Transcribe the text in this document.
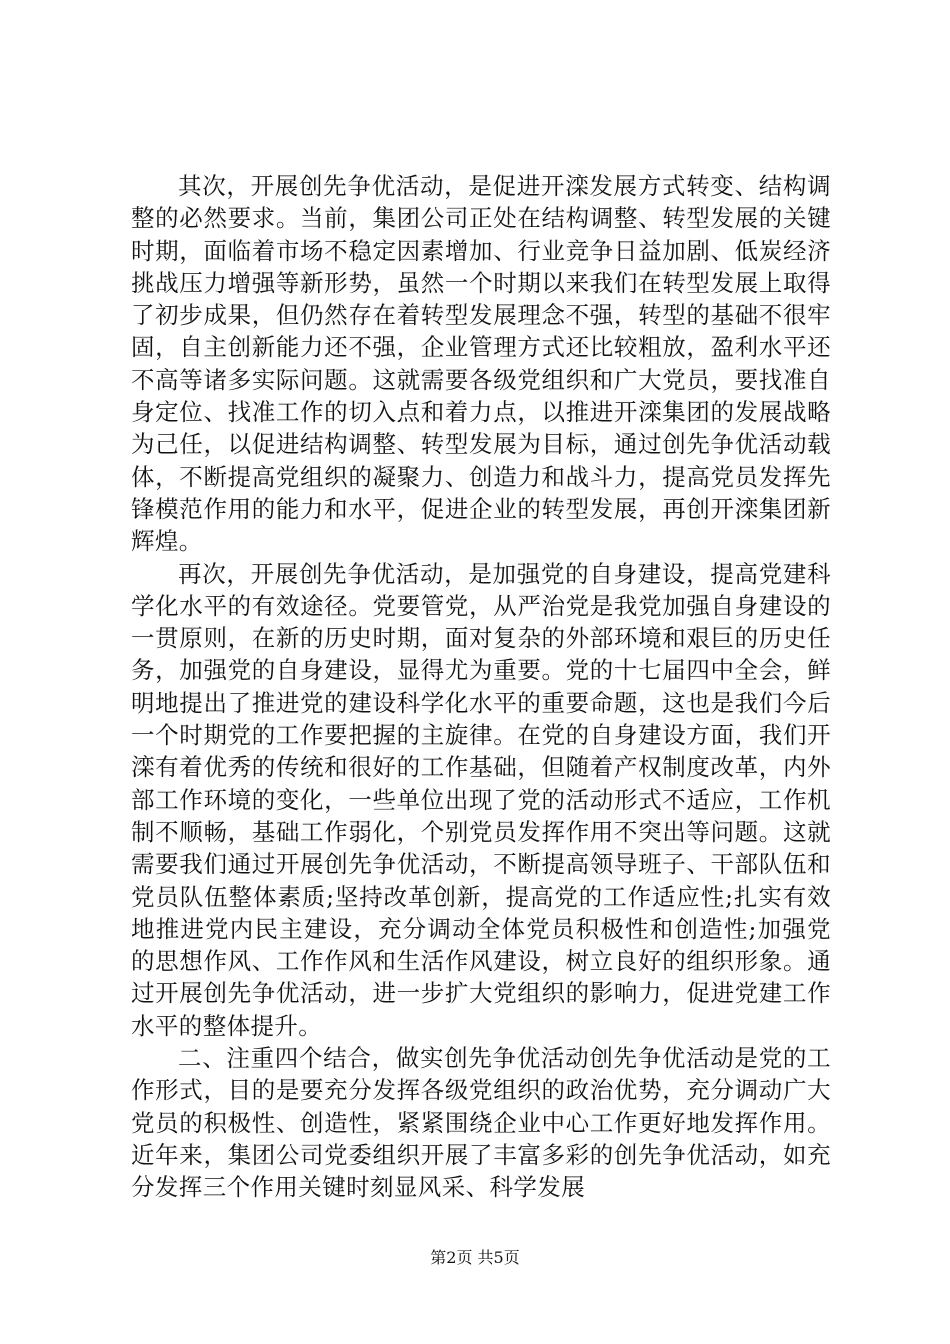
其次，开展创先争优活动，是促进开滦发展方式转变、结构调整的必然要求。当前，集团公司正处在结构调整、转型发展的关键时期，面临着市场不稳定因素增加、行业竞争日益加剧、低炭经济挑战压力增强等新形势，虽然一个时期以来我们在转型发展上取得了初步成果，但仍然存在着转型发展理念不强，转型的基础不很牢固，自主创新能力还不强，企业管理方式还比较粗放，盈利水平还不高等诸多实际问题。这就需要各级党组织和广大党员，要找准自身定位、找准工作的切入点和着力点，以推进开滦集团的发展战略为己任，以促进结构调整、转型发展为目标，通过创先争优活动载体，不断提高党组织的凝聚力、创造力和战斗力，提高党员发挥先锋模范作用的能力和水平，促进企业的转型发展，再创开滦集团新辉煌。

再次，开展创先争优活动，是加强党的自身建设，提高党建科学化水平的有效途径。党要管党，从严治党是我党加强自身建设的一贯原则，在新的历史时期，面对复杂的外部环境和艰巨的历史任务，加强党的自身建设，显得尤为重要。党的十七届四中全会，鲜明地提出了推进党的建设科学化水平的重要命题，这也是我们今后一个时期党的工作要把握的主旋律。在党的自身建设方面，我们开滦有着优秀的传统和很好的工作基础，但随着产权制度改革，内外部工作环境的变化，一些单位出现了党的活动形式不适应，工作机制不顺畅，基础工作弱化，个别党员发挥作用不突出等问题。这就需要我们通过开展创先争优活动，不断提高领导班子、干部队伍和党员队伍整体素质;坚持改革创新，提高党的工作适应性;扎实有效地推进党内民主建设，充分调动全体党员积极性和创造性;加强党的思想作风、工作作风和生活作风建设，树立良好的组织形象。通过开展创先争优活动，进一步扩大党组织的影响力，促进党建工作水平的整体提升。

二、注重四个结合，做实创先争优活动创先争优活动是党的工作形式，目的是要充分发挥各级党组织的政治优势，充分调动广大党员的积极性、创造性，紧紧围绕企业中心工作更好地发挥作用。近年来，集团公司党委组织开展了丰富多彩的创先争优活动，如充分发挥三个作用关键时刻显风采、科学发展

第2页 共5页
